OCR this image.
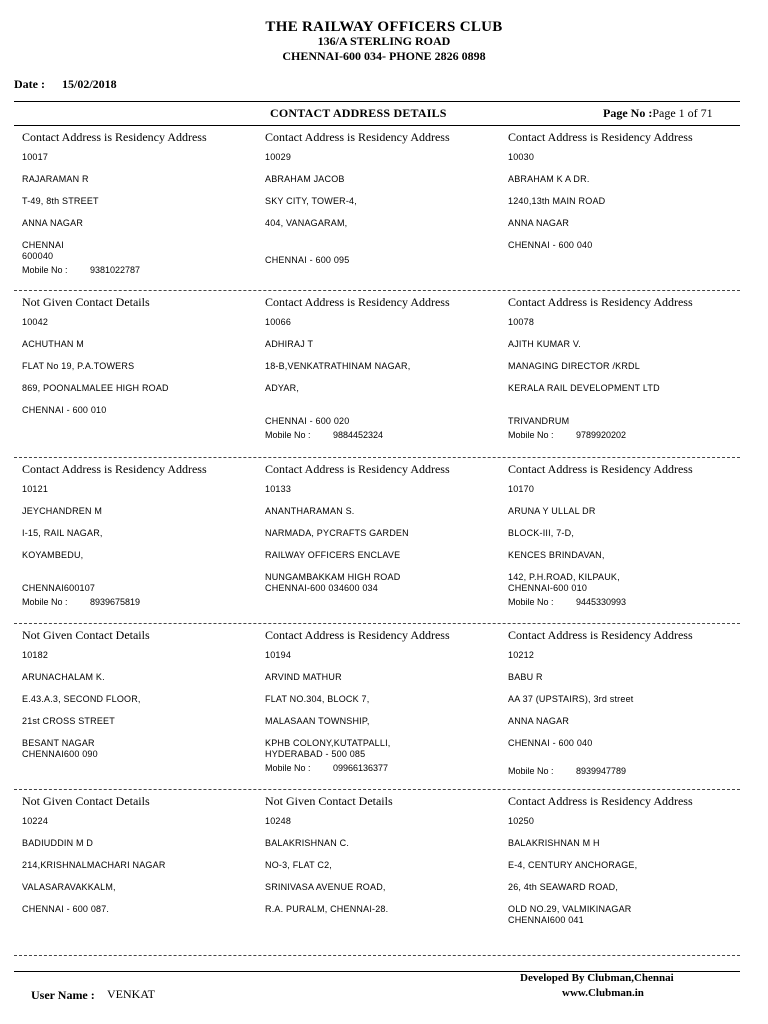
THE RAILWAY OFFICERS CLUB
136/A STERLING ROAD
CHENNAI-600 034- PHONE 2826 0898
Date : 15/02/2018
CONTACT ADDRESS DETAILS	Page No :Page 1 of 71
Contact Address is Residency Address
10017
RAJARAMAN R
T-49, 8th STREET
ANNA NAGAR
CHENNAI
600040
Mobile No : 9381022787
Contact Address is Residency Address
10029
ABRAHAM JACOB
SKY CITY, TOWER-4,
404, VANAGARAM,
CHENNAI - 600 095
Contact Address is Residency Address
10030
ABRAHAM K A DR.
1240,13th MAIN ROAD
ANNA NAGAR
CHENNAI - 600 040
Not Given Contact Details
10042
ACHUTHAN M
FLAT No 19, P.A.TOWERS
869, POONALMALEE HIGH ROAD
CHENNAI - 600 010
Contact Address is Residency Address
10066
ADHIRAJ T
18-B,VENKATRATHINAM NAGAR,
ADYAR,
CHENNAI - 600 020
Mobile No : 9884452324
Contact Address is Residency Address
10078
AJITH KUMAR V.
MANAGING DIRECTOR /KRDL
KERALA RAIL DEVELOPMENT LTD
TRIVANDRUM
Mobile No : 9789920202
Contact Address is Residency Address
10121
JEYCHANDREN M
I-15, RAIL NAGAR,
KOYAMBEDU,
CHENNAI600107
Mobile No : 8939675819
Contact Address is Residency Address
10133
ANANTHARAMAN S.
NARMADA, PYCRAFTS GARDEN
RAILWAY OFFICERS ENCLAVE
NUNGAMBAKKAM HIGH ROAD
CHENNAI-600 034600 034
Contact Address is Residency Address
10170
ARUNA Y ULLAL DR
BLOCK-III, 7-D,
KENCES BRINDAVAN,
142, P.H.ROAD, KILPAUK,
CHENNAI-600 010
Mobile No : 9445330993
Not Given Contact Details
10182
ARUNACHALAM K.
E.43.A.3, SECOND FLOOR,
21st CROSS STREET
BESANT NAGAR
CHENNAI600 090
Contact Address is Residency Address
10194
ARVIND MATHUR
FLAT NO.304, BLOCK 7,
MALASAAN TOWNSHIP,
KPHB COLONY,KUTATPALLI,
HYDERABAD - 500 085
Mobile No : 09966136377
Contact Address is Residency Address
10212
BABU R
AA 37 (UPSTAIRS), 3rd street
ANNA NAGAR
CHENNAI - 600 040
Mobile No : 8939947789
Not Given Contact Details
10224
BADIUDDIN M D
214,KRISHNALMACHARI NAGAR
VALASARAVAKKALM,
CHENNAI - 600 087.
Not Given Contact Details
10248
BALAKRISHNAN C.
NO-3, FLAT C2,
SRINIVASA AVENUE ROAD,
R.A. PURALM, CHENNAI-28.
Contact Address is Residency Address
10250
BALAKRISHNAN M H
E-4, CENTURY ANCHORAGE,
26, 4th SEAWARD ROAD,
OLD NO.29, VALMIKINAGAR
CHENNAI600 041
Developed By Clubman,Chennai
www.Clubman.in
User Name : VENKAT
